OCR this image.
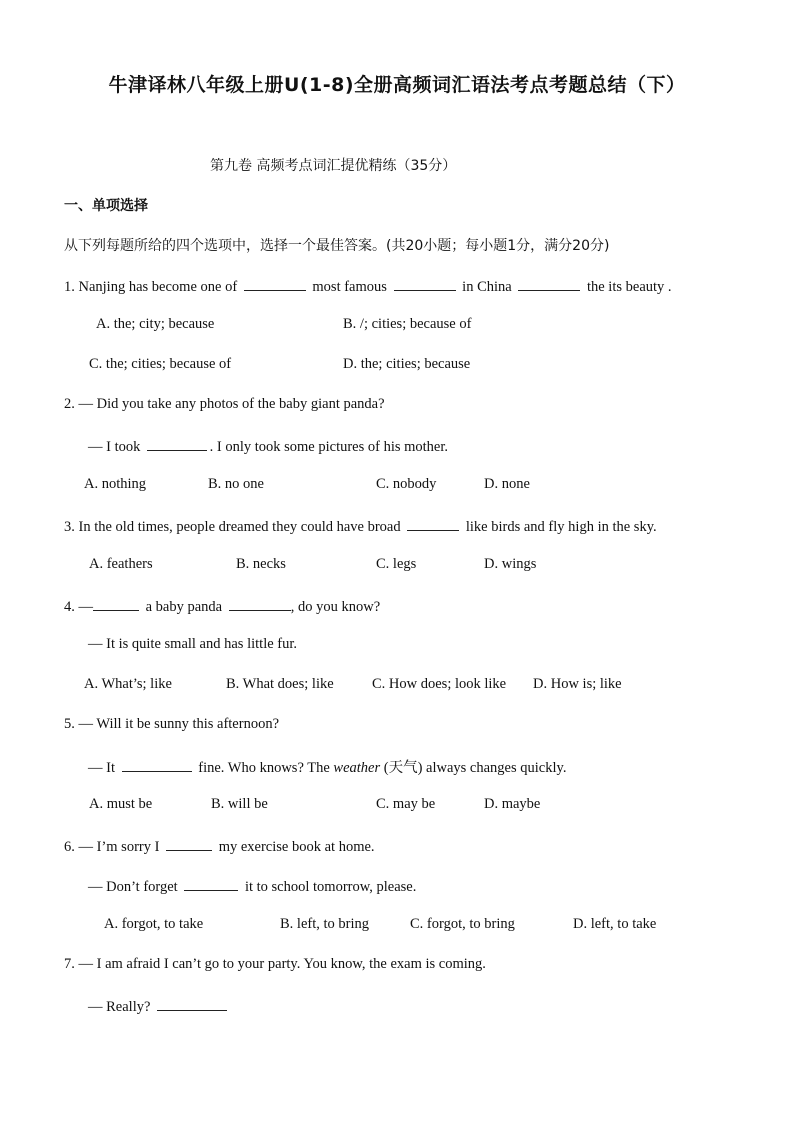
牛津译林八年级上册U(1-8)全册高频词汇语法考点考题总结（下）
第九卷 高频考点词汇提优精练（35分）
一、单项选择
从下列每题所给的四个选项中，选择一个最佳答案。(共20小题；每小题1分，满分20分)
1. Nanjing has become one of	most famous	in China	the its beauty .
A. the; city; because	B. /; cities; because of
C. the; cities; because of	D. the; cities; because
2. — Did you take any photos of the baby giant panda?
— I took	. I only took some pictures of his mother.
A. nothing	B. no one	C. nobody	D. none
3. In the old times, people dreamed they could have broad	like birds and fly high in the sky.
A. feathers	B. necks	C. legs	D. wings
4. —	a baby panda	, do you know?
— It is quite small and has little fur.
A. What’s; like	B. What does; like	C. How does; look like D. How is; like
5. — Will it be sunny this afternoon?
— It	fine. Who knows? The weather (天气) always changes quickly.
A. must be	B. will be	C. may be	D. maybe
6. — I’m sorry I	my exercise book at home.
— Don’t forget	it to school tomorrow, please.
A. forgot, to take	B. left, to bring	C. forgot, to bring	D. left, to take
7. — I am afraid I can’t go to your party. You know, the exam is coming.
— Really?
